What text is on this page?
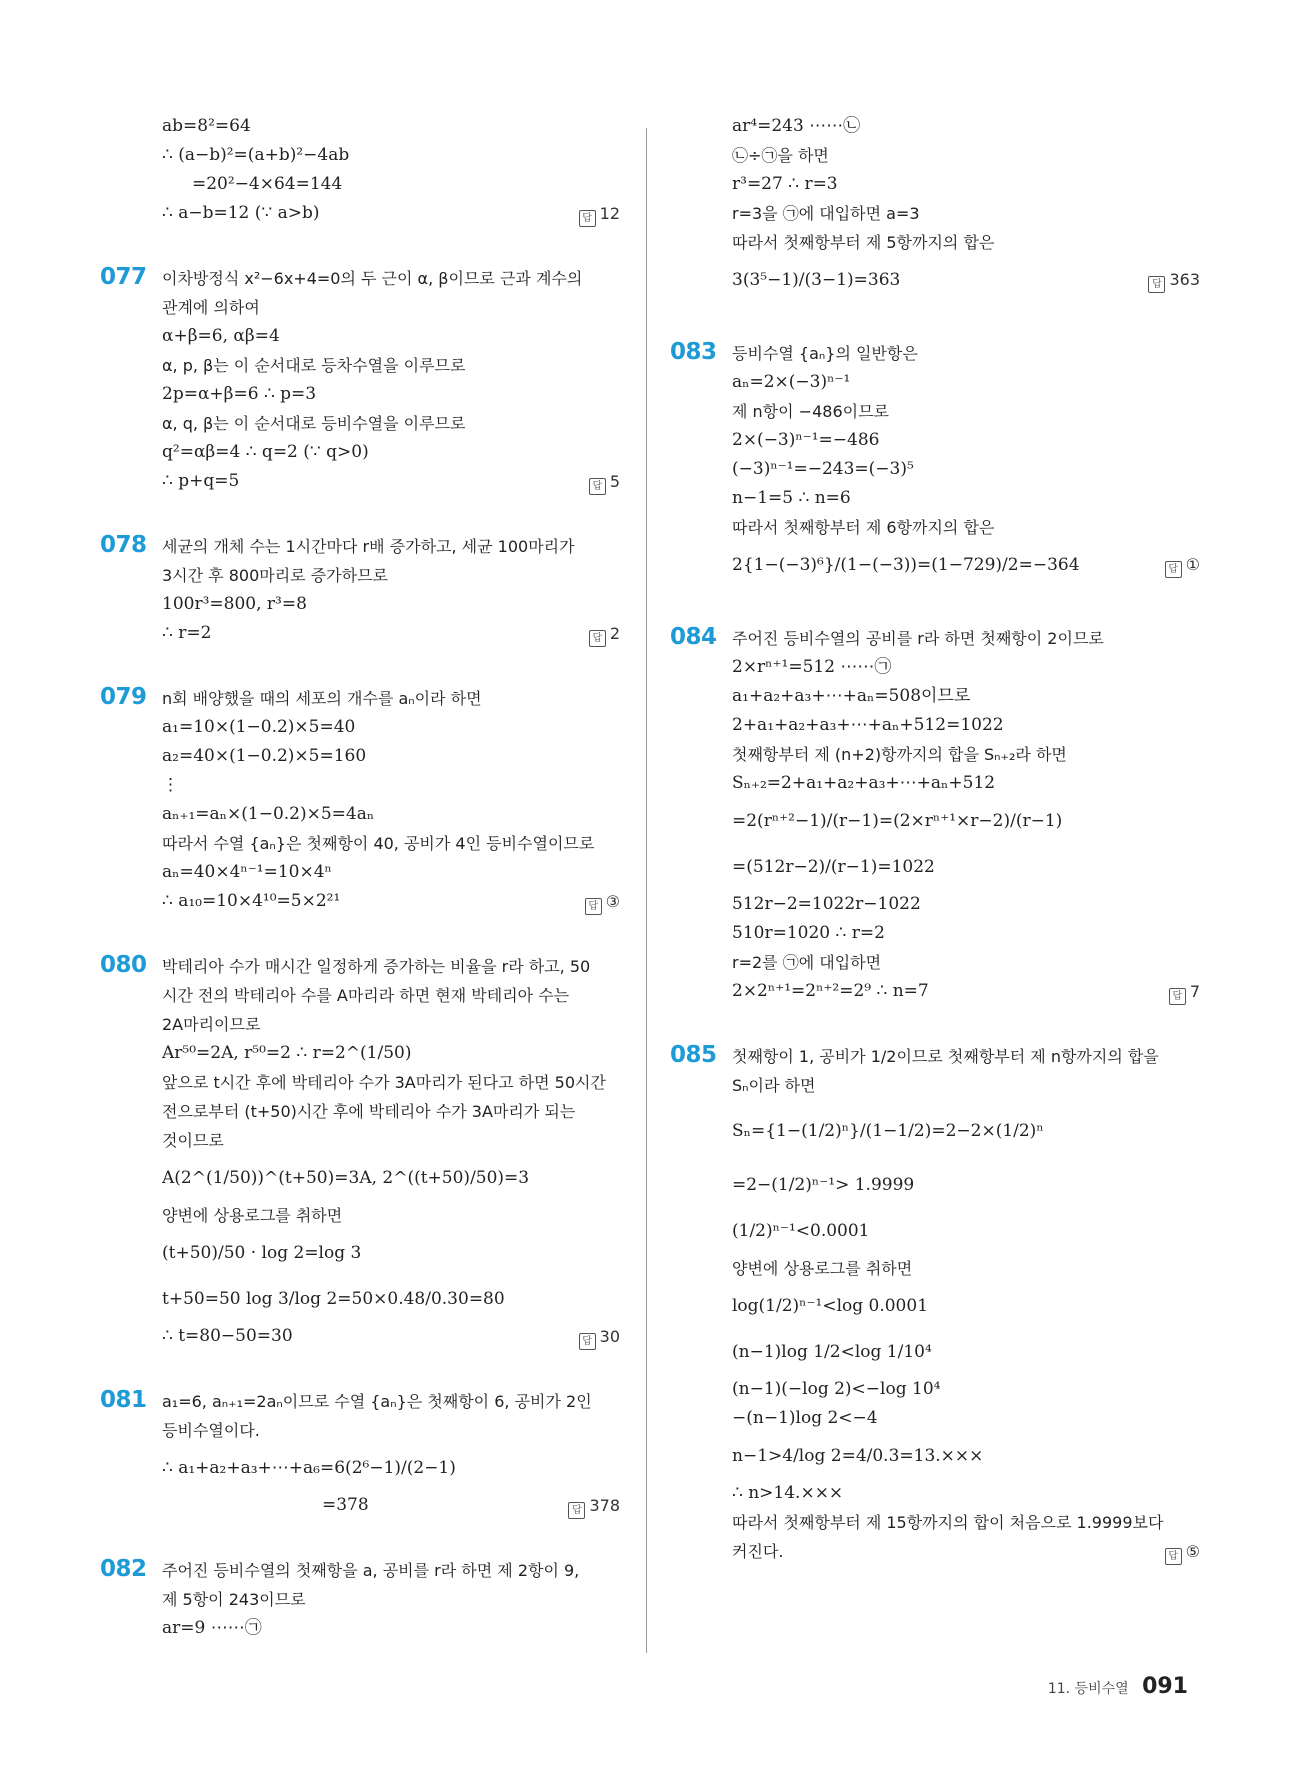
ab=8²=64
∴ (a−b)²=(a+b)²−4ab
=20²−4×64=144
∴ a−b=12 (∵ a>b)	답 12
077 이차방정식 x²−6x+4=0의 두 근이 α, β이므로 근과 계수의
관계에 의하여
α+β=6, αβ=4
α, p, β는 이 순서대로 등차수열을 이루므로
2p=α+β=6 ∴ p=3
α, q, β는 이 순서대로 등비수열을 이루므로
q²=αβ=4 ∴ q=2 (∵ q>0)
∴ p+q=5	답 5
078 세균의 개체 수는 1시간마다 r배 증가하고, 세균 100마리가
3시간 후 800마리로 증가하므로
100r³=800, r³=8
∴ r=2	답 2
079 n회 배양했을 때의 세포의 개수를 aₙ이라 하면
a₁=10×(1−0.2)×5=40
a₂=40×(1−0.2)×5=160
⋮
aₙ₊₁=aₙ×(1−0.2)×5=4aₙ
따라서 수열 {aₙ}은 첫째항이 40, 공비가 4인 등비수열이므로
aₙ=40×4ⁿ⁻¹=10×4ⁿ
∴ a₁₀=10×4¹⁰=5×2²¹	답 ③
080 박테리아 수가 매시간 일정하게 증가하는 비율을 r라 하고, 50
시간 전의 박테리아 수를 A마리라 하면 현재 박테리아 수는
2A마리이므로
Ar⁵⁰=2A, r⁵⁰=2 ∴ r=2^(1/50)
앞으로 t시간 후에 박테리아 수가 3A마리가 된다고 하면 50시간
전으로부터 (t+50)시간 후에 박테리아 수가 3A마리가 되는
것이므로
A(2^(1/50))^(t+50)=3A, 2^((t+50)/50)=3
양변에 상용로그를 취하면
(t+50)/50 · log 2=log 3
t+50=50 log 3/log 2=50×0.48/0.30=80
∴ t=80−50=30	답 30
081 a₁=6, aₙ₊₁=2aₙ이므로 수열 {aₙ}은 첫째항이 6, 공비가 2인
등비수열이다.
∴ a₁+a₂+a₃+⋯+a₆=6(2⁶−1)/(2−1)
=378	답 378
082 주어진 등비수열의 첫째항을 a, 공비를 r라 하면 제 2항이 9,
제 5항이 243이므로
ar=9 ⋯⋯㉠
ar⁴=243 ⋯⋯㉡
㉡÷㉠을 하면
r³=27 ∴ r=3
r=3을 ㉠에 대입하면 a=3
따라서 첫째항부터 제 5항까지의 합은
3(3⁵−1)/(3−1)=363	답 363
083 등비수열 {aₙ}의 일반항은
aₙ=2×(−3)ⁿ⁻¹
제 n항이 −486이므로
2×(−3)ⁿ⁻¹=−486
(−3)ⁿ⁻¹=−243=(−3)⁵
n−1=5 ∴ n=6
따라서 첫째항부터 제 6항까지의 합은
2{1−(−3)⁶}/(1−(−3))=(1−729)/2=−364	답 ①
084 주어진 등비수열의 공비를 r라 하면 첫째항이 2이므로
2×rⁿ⁺¹=512 ⋯⋯㉠
a₁+a₂+a₃+⋯+aₙ=508이므로
2+a₁+a₂+a₃+⋯+aₙ+512=1022
첫째항부터 제 (n+2)항까지의 합을 Sₙ₊₂라 하면
Sₙ₊₂=2+a₁+a₂+a₃+⋯+aₙ+512
=2(rⁿ⁺²−1)/(r−1)=(2×rⁿ⁺¹×r−2)/(r−1)
=(512r−2)/(r−1)=1022
512r−2=1022r−1022
510r=1020 ∴ r=2
r=2를 ㉠에 대입하면
2×2ⁿ⁺¹=2ⁿ⁺²=2⁹ ∴ n=7	답 7
085 첫째항이 1, 공비가 1/2이므로 첫째항부터 제 n항까지의 합을
Sₙ이라 하면
Sₙ={1−(1/2)ⁿ}/(1−1/2)=2−2×(1/2)ⁿ
=2−(1/2)ⁿ⁻¹> 1.9999
(1/2)ⁿ⁻¹<0.0001
양변에 상용로그를 취하면
log(1/2)ⁿ⁻¹<log 0.0001
(n−1)log 1/2<log 1/10⁴
(n−1)(−log 2)<−log 10⁴
−(n−1)log 2<−4
n−1>4/log 2=4/0.3=13.×××
∴ n>14.×××
따라서 첫째항부터 제 15항까지의 합이 처음으로 1.9999보다
커진다.	답 ⑤
11. 등비수열 091
